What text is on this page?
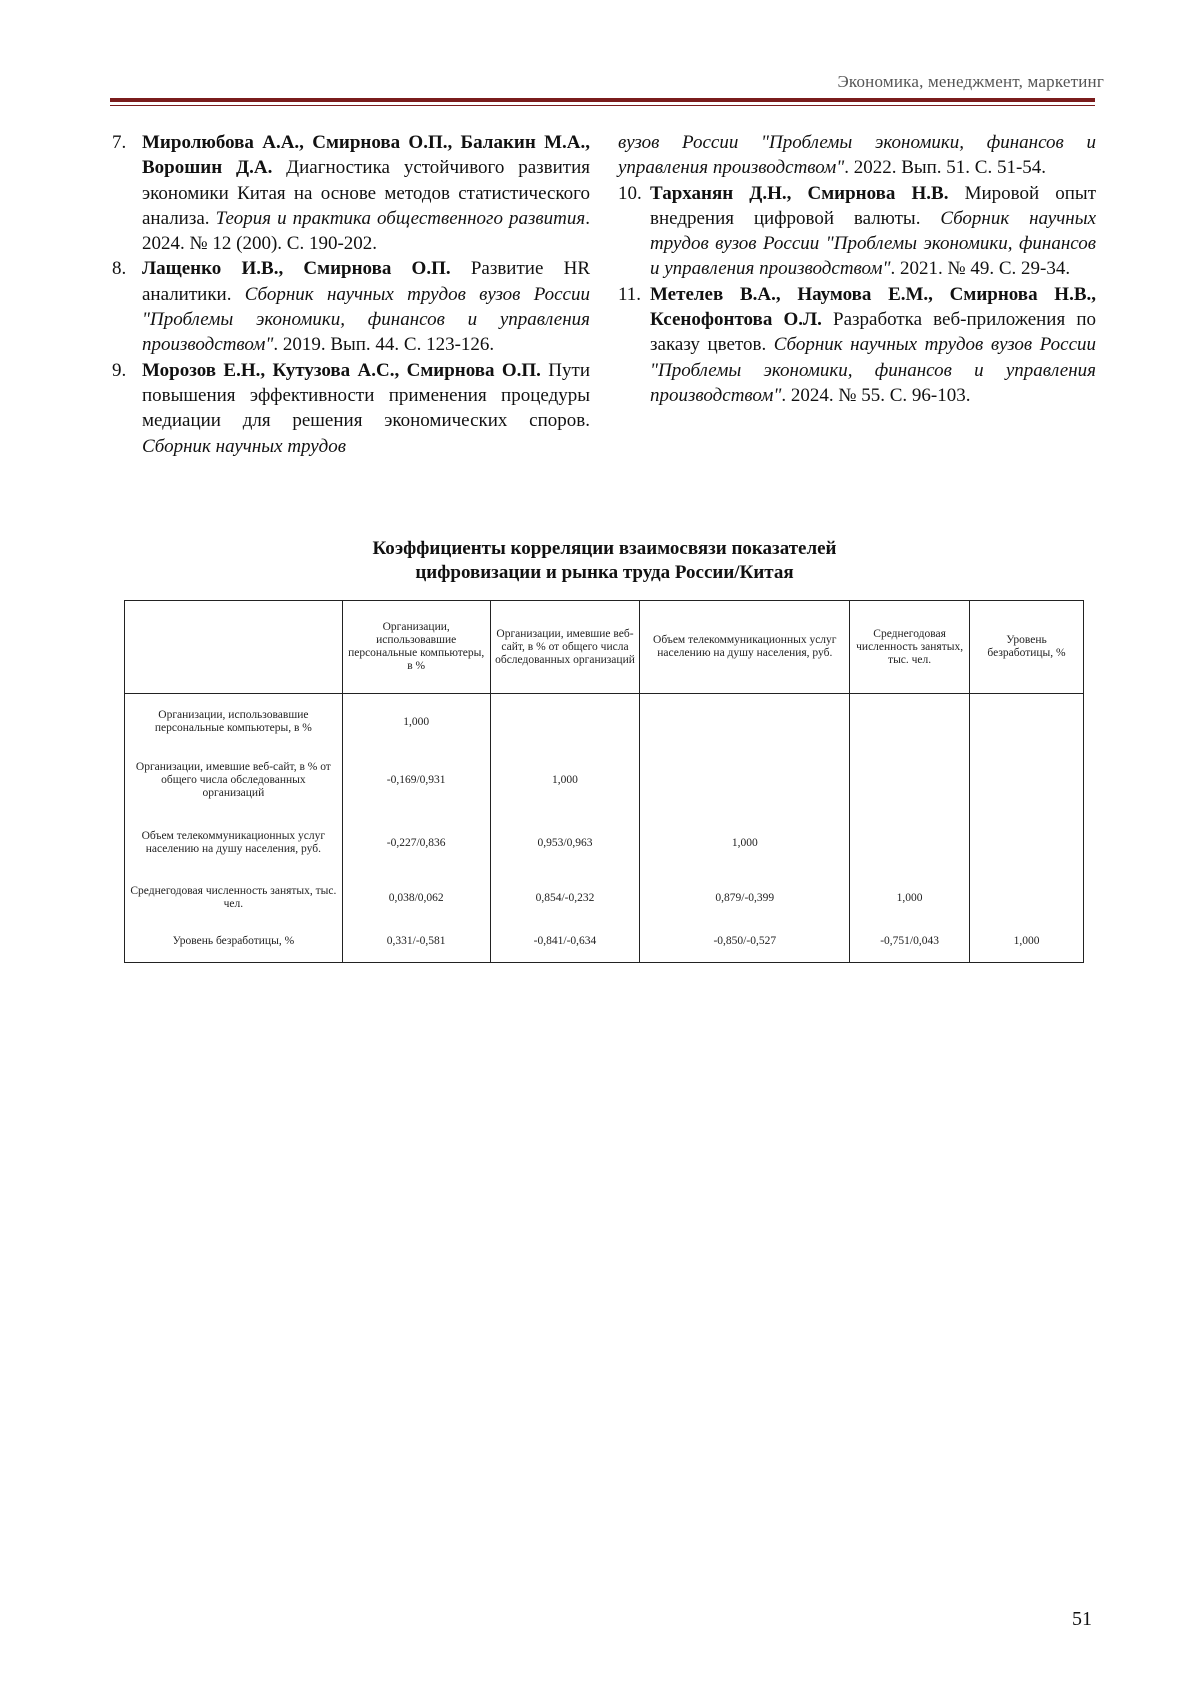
Экономика, менеджмент, маркетинг
7. Миролюбова А.А., Смирнова О.П., Балакин М.А., Ворошин Д.А. Диагностика устойчивого развития экономики Китая на основе методов статистического анализа. Теория и практика общественного развития. 2024. № 12 (200). С. 190-202.
8. Лащенко И.В., Смирнова О.П. Развитие HR аналитики. Сборник научных трудов вузов России "Проблемы экономики, финансов и управления производством". 2019. Вып. 44. С. 123-126.
9. Морозов Е.Н., Кутузова А.С., Смирнова О.П. Пути повышения эффективности применения процедуры медиации для решения экономических споров. Сборник научных трудов
вузов России "Проблемы экономики, финансов и управления производством". 2022. Вып. 51. С. 51-54.
10. Тарханян Д.Н., Смирнова Н.В. Мировой опыт внедрения цифровой валюты. Сборник научных трудов вузов России "Проблемы экономики, финансов и управления производством". 2021. № 49. С. 29-34.
11. Метелев В.А., Наумова Е.М., Смирнова Н.В., Ксенофонтова О.Л. Разработка веб-приложения по заказу цветов. Сборник научных трудов вузов России "Проблемы экономики, финансов и управления производством". 2024. № 55. С. 96-103.
Коэффициенты корреляции взаимосвязи показателей
цифровизации и рынка труда России/Китая
	Организации, использовавшие персональные компьютеры, в %	Организации, имевшие веб-сайт, в % от общего числа обследованных организаций	Объем телекоммуникационных услуг населению на душу населения, руб.	Среднегодовая численность занятых, тыс. чел.	Уровень безработицы, %
Организации, использовавшие персональные компьютеры, в %	1,000				
Организации, имевшие веб-сайт, в % от общего числа обследованных организаций	-0,169/0,931	1,000			
Объем телекоммуникационных услуг населению на душу населения, руб.	-0,227/0,836	0,953/0,963	1,000		
Среднегодовая численность занятых, тыс. чел.	0,038/0,062	0,854/-0,232	0,879/-0,399	1,000	
Уровень безработицы, %	0,331/-0,581	-0,841/-0,634	-0,850/-0,527	-0,751/0,043	1,000
51
